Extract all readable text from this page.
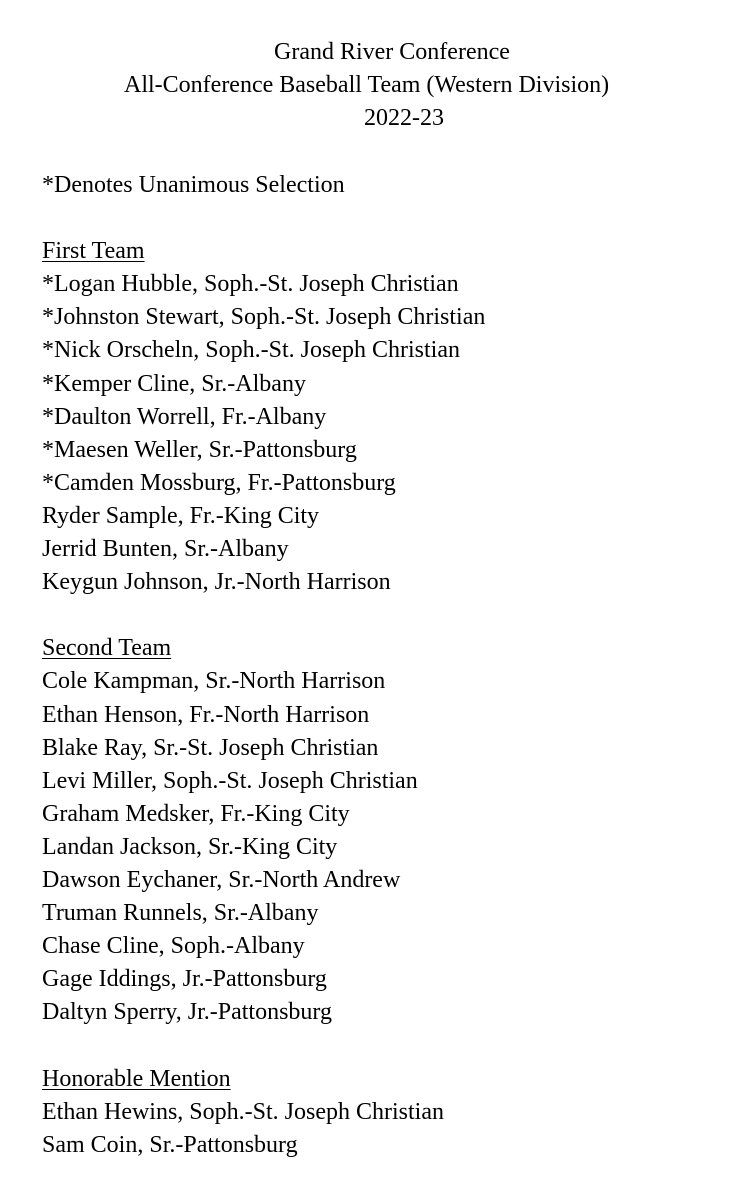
Grand River Conference
All-Conference Baseball Team (Western Division)
2022-23
*Denotes Unanimous Selection
First Team
*Logan Hubble, Soph.-St. Joseph Christian
*Johnston Stewart, Soph.-St. Joseph Christian
*Nick Orscheln, Soph.-St. Joseph Christian
*Kemper Cline, Sr.-Albany
*Daulton Worrell, Fr.-Albany
*Maesen Weller, Sr.-Pattonsburg
*Camden Mossburg, Fr.-Pattonsburg
Ryder Sample, Fr.-King City
Jerrid Bunten, Sr.-Albany
Keygun Johnson, Jr.-North Harrison
Second Team
Cole Kampman, Sr.-North Harrison
Ethan Henson, Fr.-North Harrison
Blake Ray, Sr.-St. Joseph Christian
Levi Miller, Soph.-St. Joseph Christian
Graham Medsker, Fr.-King City
Landan Jackson, Sr.-King City
Dawson Eychaner, Sr.-North Andrew
Truman Runnels, Sr.-Albany
Chase Cline, Soph.-Albany
Gage Iddings, Jr.-Pattonsburg
Daltyn Sperry, Jr.-Pattonsburg
Honorable Mention
Ethan Hewins, Soph.-St. Joseph Christian
Sam Coin, Sr.-Pattonsburg
